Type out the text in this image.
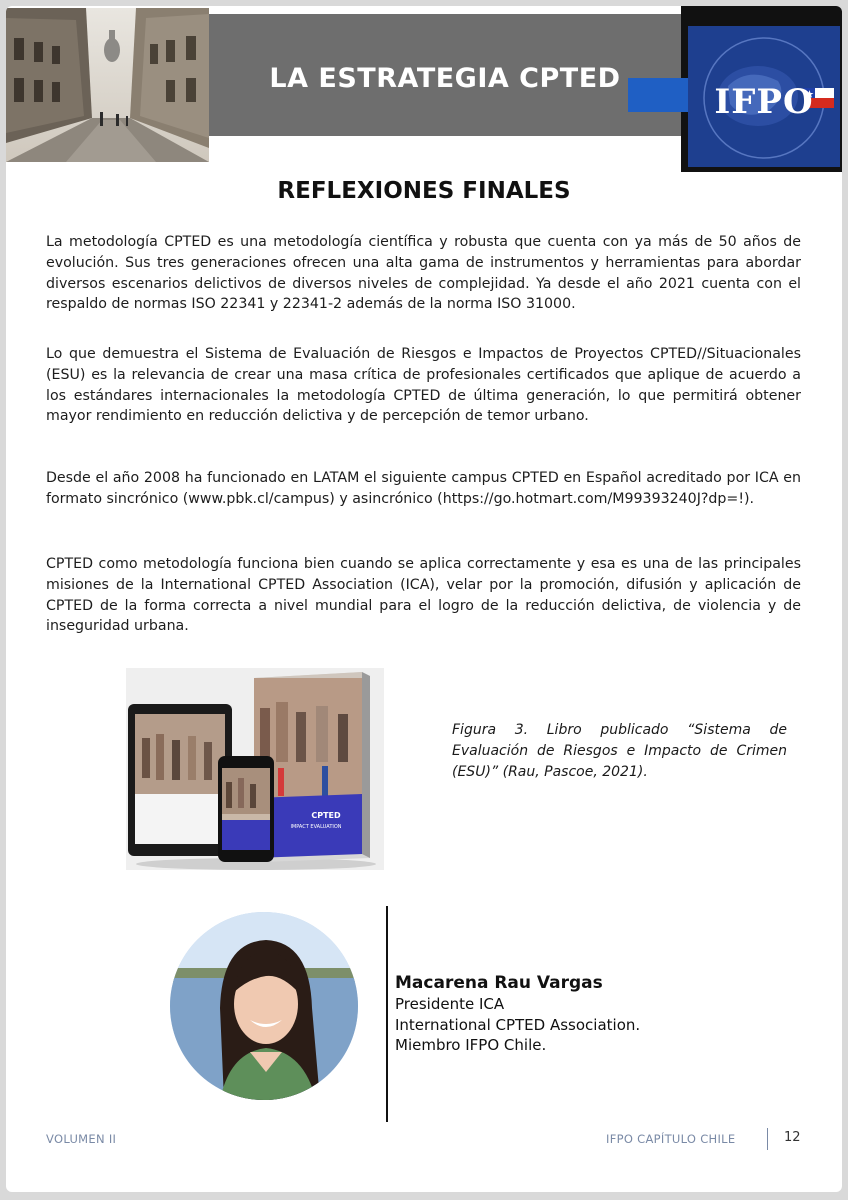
LA ESTRATEGIA CPTED
IFPO
REFLEXIONES FINALES

La metodología CPTED es una metodología científica y robusta que cuenta con ya más de 50 años de evolución. Sus tres generaciones ofrecen una alta gama de instrumentos y herramientas para abordar diversos escenarios delictivos de diversos niveles de complejidad. Ya desde el año 2021 cuenta con el respaldo de normas ISO 22341 y 22341-2 además de la norma ISO 31000.

Lo que demuestra el Sistema de Evaluación de Riesgos e Impactos de Proyectos CPTED//Situacionales (ESU) es la relevancia de crear una masa crítica de profesionales certificados que aplique de acuerdo a los estándares internacionales la metodología CPTED de última generación, lo que permitirá obtener mayor rendimiento en reducción delictiva y de percepción de temor urbano.

Desde el año 2008 ha funcionado en LATAM el siguiente campus CPTED en Español acreditado por ICA en formato sincrónico (www.pbk.cl/campus) y asincrónico (https://go.hotmart.com/M99393240J?dp=!).

CPTED como metodología funciona bien cuando se aplica correctamente y esa es una de las principales misiones de la International CPTED Association (ICA), velar por la promoción, difusión y aplicación de CPTED de la forma correcta a nivel mundial para el logro de la reducción delictiva, de violencia y de inseguridad urbana.

CPTED
IMPACT EVALUATION
Figura 3. Libro publicado “Sistema de Evaluación de Riesgos e Impacto de Crimen (ESU)” (Rau, Pascoe, 2021).
Macarena Rau Vargas
Presidente ICA
International CPTED Association.
Miembro IFPO Chile.
VOLUMEN II	IFPO CAPÍTULO CHILE	12
